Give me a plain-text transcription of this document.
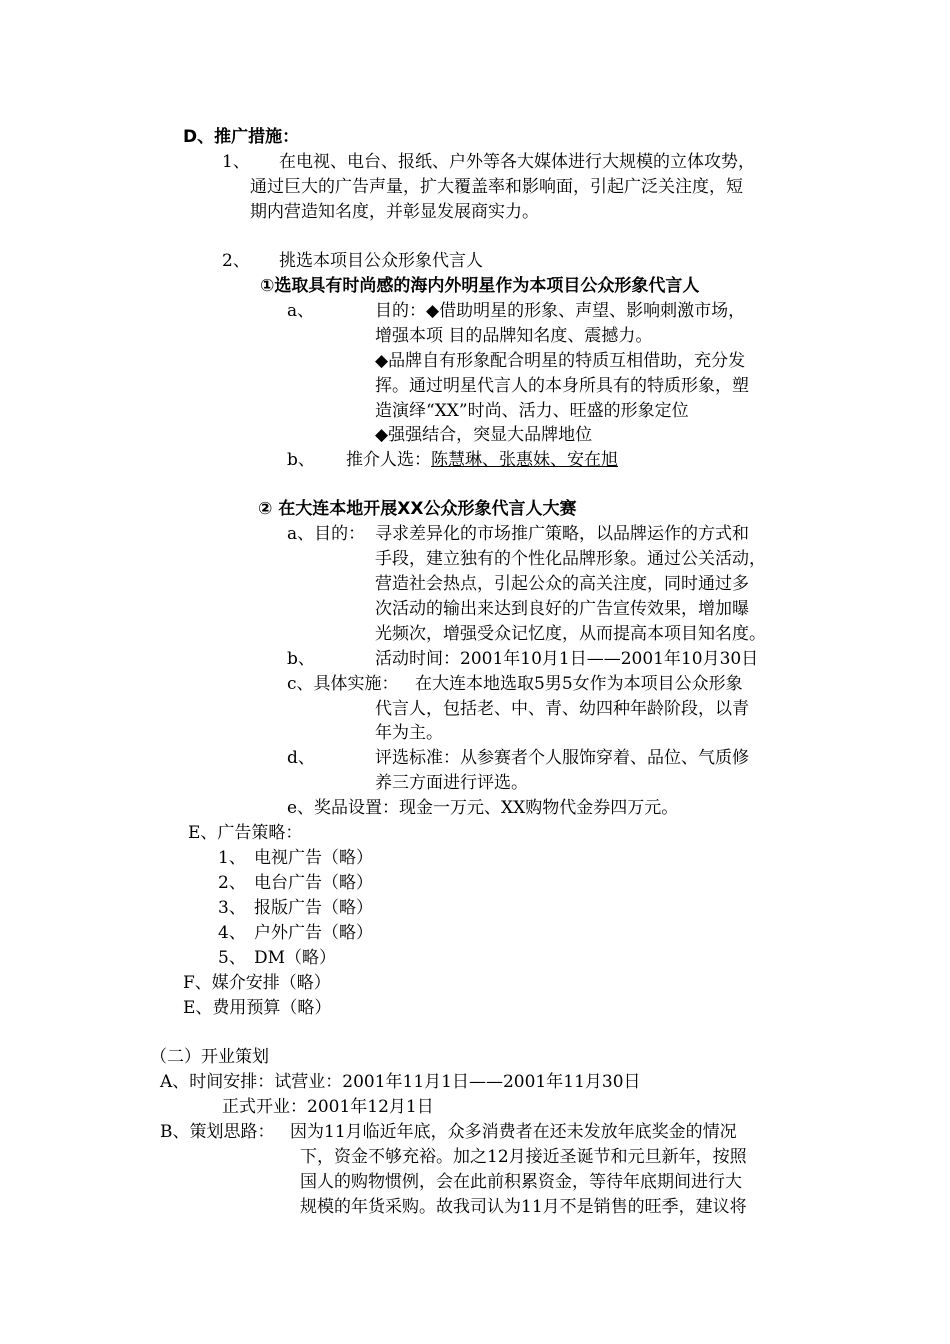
D、推广措施：
1、 在电视、电台、报纸、户外等各大媒体进行大规模的立体攻势，
通过巨大的广告声量，扩大覆盖率和影响面，引起广泛关注度，短
期内营造知名度，并彰显发展商实力。
2、 挑选本项目公众形象代言人
①选取具有时尚感的海内外明星作为本项目公众形象代言人
a、	目的：◆借助明星的形象、声望、影响刺激市场，
增强本项 目的品牌知名度、震撼力。
◆品牌自有形象配合明星的特质互相借助，充分发
挥。通过明星代言人的本身所具有的特质形象，塑
造演绎“XX”时尚、活力、旺盛的形象定位
◆强强结合，突显大品牌地位
b、 推介人选：陈慧琳、张惠妹、安在旭
② 在大连本地开展XX公众形象代言人大赛
a、目的： 寻求差异化的市场推广策略，以品牌运作的方式和
手段，建立独有的个性化品牌形象。通过公关活动，
营造社会热点，引起公众的高关注度，同时通过多
次活动的输出来达到良好的广告宣传效果，增加曝
光频次，增强受众记忆度，从而提高本项目知名度。
b、	活动时间：2001年10月1日——2001年10月30日
c、具体实施： 在大连本地选取5男5女作为本项目公众形象
代言人，包括老、中、青、幼四种年龄阶段，以青
年为主。
d、	评选标准：从参赛者个人服饰穿着、品位、气质修
养三方面进行评选。
e、奖品设置：现金一万元、XX购物代金券四万元。
E、广告策略：
1、 电视广告（略）
2、 电台广告（略）
3、 报版广告（略）
4、 户外广告（略）
5、 DM（略）
F、媒介安排（略）
E、费用预算（略）
（二）开业策划
A、时间安排：试营业：2001年11月1日——2001年11月30日
正式开业：2001年12月1日
B、策划思路： 因为11月临近年底，众多消费者在还未发放年底奖金的情况
下，资金不够充裕。加之12月接近圣诞节和元旦新年，按照
国人的购物惯例，会在此前积累资金，等待年底期间进行大
规模的年货采购。故我司认为11月不是销售的旺季，建议将
